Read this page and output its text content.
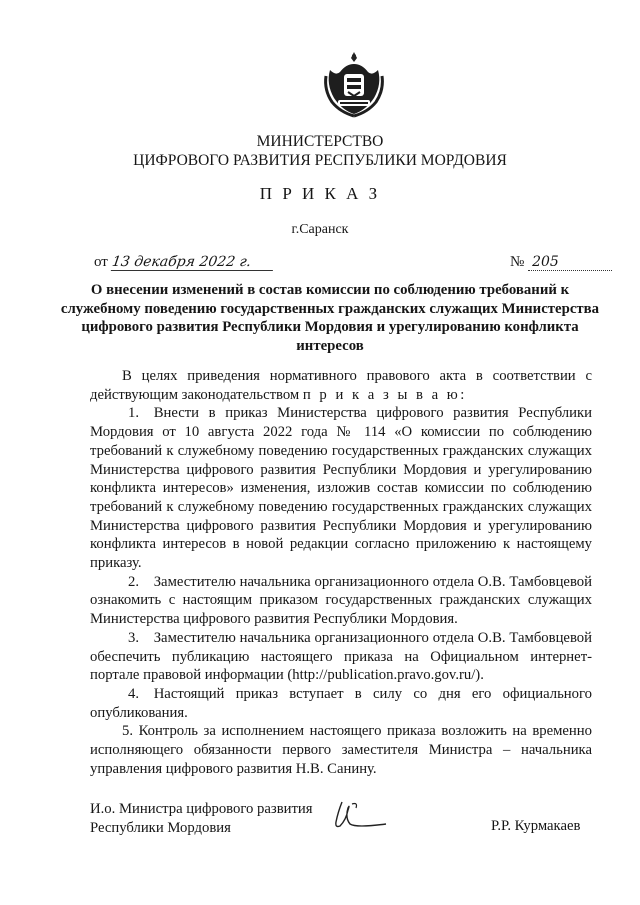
МИНИСТЕРСТВО
ЦИФРОВОГО РАЗВИТИЯ РЕСПУБЛИКИ МОРДОВИЯ
П Р И К А З
г.Саранск
от 13 декабря 2022 г.	№ 205
О внесении изменений в состав комиссии по соблюдению требований к служебному поведению государственных гражданских служащих Министерства цифрового развития Республики Мордовия и урегулированию конфликта интересов

В целях приведения нормативного правового акта в соответствии с действующим законодательством п р и к а з ы в а ю:

1. Внести в приказ Министерства цифрового развития Республики Мордовия от 10 августа 2022 года № 114 «О комиссии по соблюдению требований к служебному поведению государственных гражданских служащих Министерства цифрового развития Республики Мордовия и урегулированию конфликта интересов» изменения, изложив состав комиссии по соблюдению требований к служебному поведению государственных гражданских служащих Министерства цифрового развития Республики Мордовия и урегулированию конфликта интересов в новой редакции согласно приложению к настоящему приказу.

2. Заместителю начальника организационного отдела О.В. Тамбовцевой ознакомить с настоящим приказом государственных гражданских служащих Министерства цифрового развития Республики Мордовия.

3. Заместителю начальника организационного отдела О.В. Тамбовцевой обеспечить публикацию настоящего приказа на Официальном интернет-портале правовой информации (http://publication.pravo.gov.ru/).

4. Настоящий приказ вступает в силу со дня его официального опубликования.

5. Контроль за исполнением настоящего приказа возложить на временно исполняющего обязанности первого заместителя Министра – начальника управления цифрового развития Н.В. Санину.

И.о. Министра цифрового развития
Республики Мордовия	Р.Р. Курмакаев
